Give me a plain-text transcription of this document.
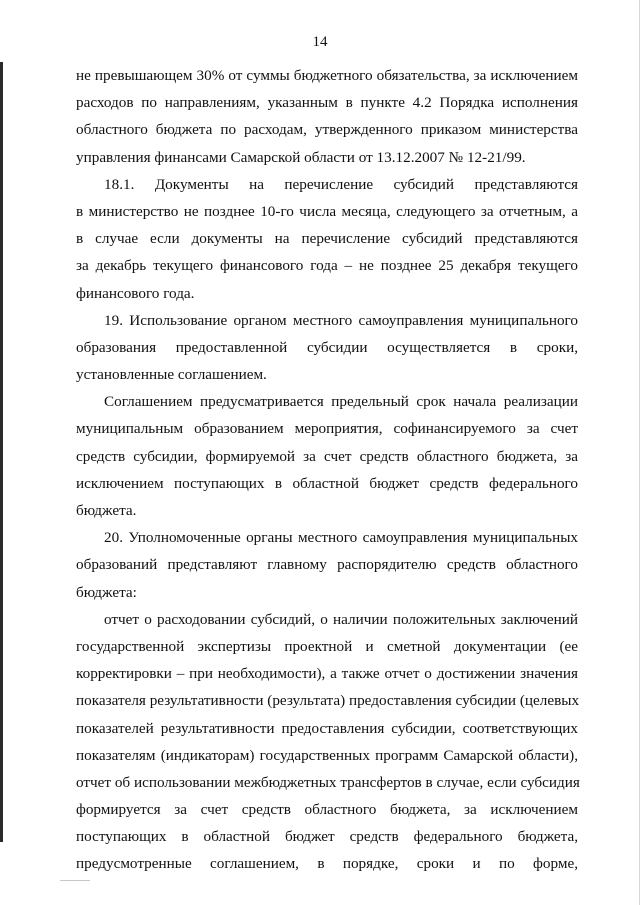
14
не превышающем 30% от суммы бюджетного обязательства, за исключением
расходов по направлениям, указанным в пункте 4.2 Порядка исполнения
областного бюджета по расходам, утвержденного приказом министерства
управления финансами Самарской области от 13.12.2007 № 12-21/99.
18.1. Документы на перечисление субсидий представляются
в министерство не позднее 10-го числа месяца, следующего за отчетным, а
в случае если документы на перечисление субсидий представляются
за декабрь текущего финансового года – не позднее 25 декабря текущего
финансового года.
19. Использование органом местного самоуправления муниципального
образования предоставленной субсидии осуществляется в сроки,
установленные соглашением.
Соглашением предусматривается предельный срок начала реализации
муниципальным образованием мероприятия, софинансируемого за счет
средств субсидии, формируемой за счет средств областного бюджета, за
исключением поступающих в областной бюджет средств федерального
бюджета.
20. Уполномоченные органы местного самоуправления муниципальных
образований представляют главному распорядителю средств областного
бюджета:
отчет о расходовании субсидий, о наличии положительных заключений
государственной экспертизы проектной и сметной документации (ее
корректировки – при необходимости), а также отчет о достижении значения
показателя результативности (результата) предоставления субсидии (целевых
показателей результативности предоставления субсидии, соответствующих
показателям (индикаторам) государственных программ Самарской области),
отчет об использовании межбюджетных трансфертов в случае, если субсидия
формируется за счет средств областного бюджета, за исключением
поступающих в областной бюджет средств федерального бюджета,
предусмотренные соглашением, в порядке, сроки и по форме,
